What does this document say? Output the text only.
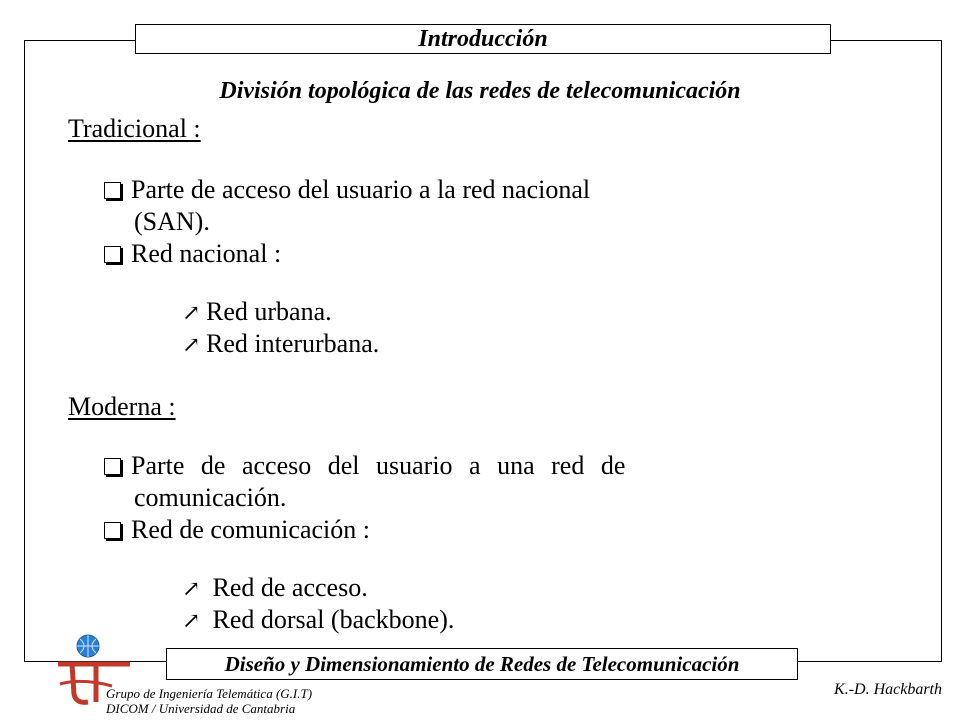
Introducción
División topológica de las redes de telecomunicación
Tradicional :
Parte de acceso del usuario a la red nacional
(SAN).
Red nacional :
↗ Red urbana.
↗ Red interurbana.
Moderna :
Parte de acceso del usuario a una red de
comunicación.
Red de comunicación :
↗ Red de acceso.
↗ Red dorsal (backbone).
Diseño y Dimensionamiento de Redes de Telecomunicación
Grupo de Ingeniería Telemática (G.I.T)
DICOM / Universidad de Cantabria
K.-D. Hackbarth
